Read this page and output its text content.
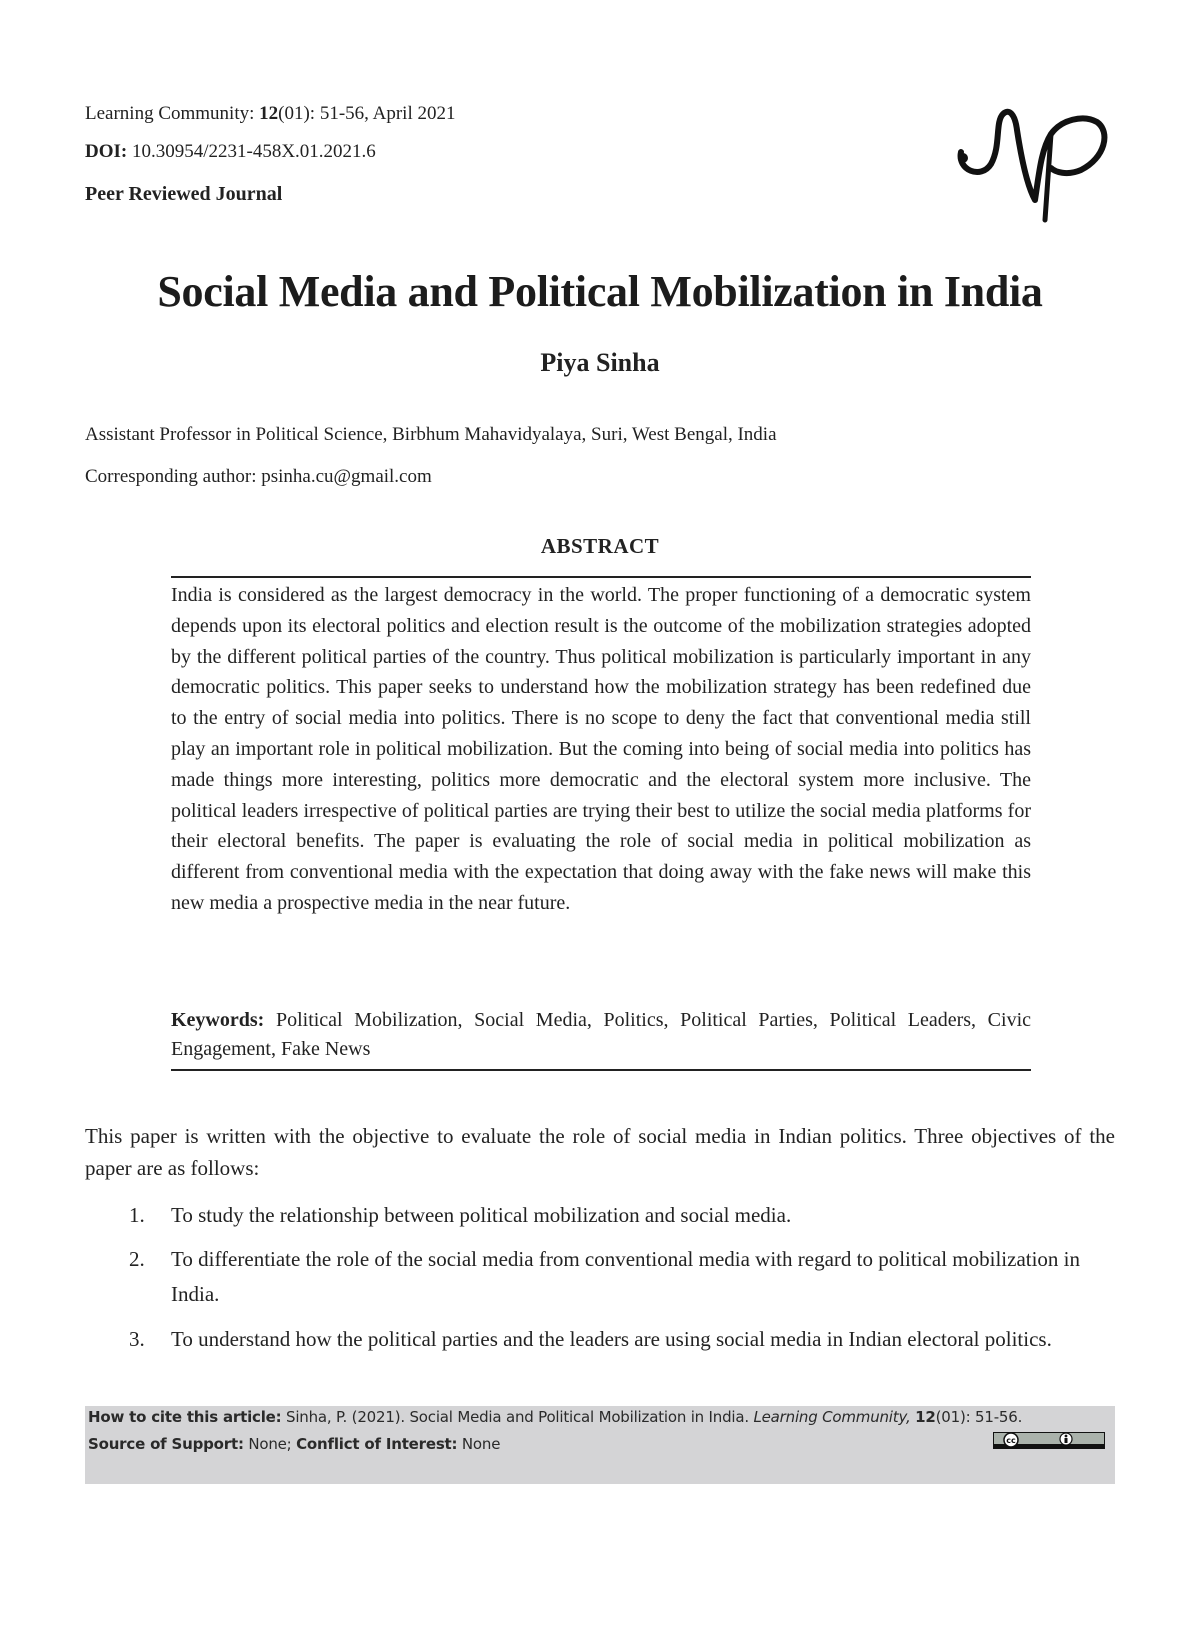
Learning Community: 12(01): 51-56, April 2021

DOI: 10.30954/2231-458X.01.2021.6

Peer Reviewed Journal

Social Media and Political Mobilization in India

Piya Sinha

Assistant Professor in Political Science, Birbhum Mahavidyalaya, Suri, West Bengal, India

Corresponding author: psinha.cu@gmail.com

ABSTRACT

India is considered as the largest democracy in the world. The proper functioning of a democratic system depends upon its electoral politics and election result is the outcome of the mobilization strategies adopted by the different political parties of the country. Thus political mobilization is particularly important in any democratic politics. This paper seeks to understand how the mobilization strategy has been redefined due to the entry of social media into politics. There is no scope to deny the fact that conventional media still play an important role in political mobilization. But the coming into being of social media into politics has made things more interesting, politics more democratic and the electoral system more inclusive. The political leaders irrespective of political parties are trying their best to utilize the social media platforms for their electoral benefits. The paper is evaluating the role of social media in political mobilization as different from conventional media with the expectation that doing away with the fake news will make this new media a prospective media in the near future.

Keywords: Political Mobilization, Social Media, Politics, Political Parties, Political Leaders, Civic Engagement, Fake News

This paper is written with the objective to evaluate the role of social media in Indian politics. Three objectives of the paper are as follows:

1. To study the relationship between political mobilization and social media.
2. To differentiate the role of the social media from conventional media with regard to political mobilization in India.
3. To understand how the political parties and the leaders are using social media in Indian electoral politics.

How to cite this article: Sinha, P. (2021). Social Media and Political Mobilization in India. Learning Community, 12(01): 51-56.

Source of Support: None; Conflict of Interest: None	cc
